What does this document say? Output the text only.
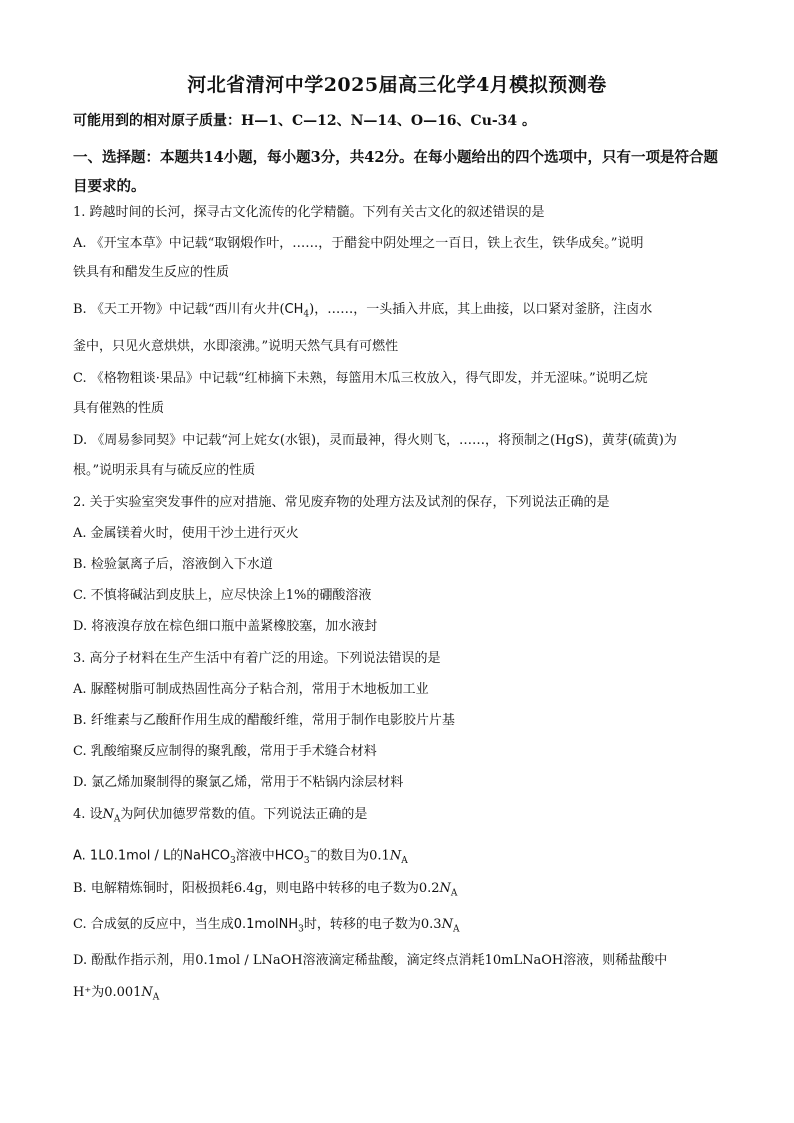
河北省清河中学2025届高三化学4月模拟预测卷
可能用到的相对原子质量：H—1、C—12、N—14、O—16、Cu-34 。
一、选择题：本题共14小题，每小题3分，共42分。在每小题给出的四个选项中，只有一项是符合题目要求的。
1. 跨越时间的长河，探寻古文化流传的化学精髓。下列有关古文化的叙述错误的是
A. 《开宝本草》中记载“取钢煅作叶，……，于醋瓮中阴处埋之一百日，铁上衣生，铁华成矣。”说明
铁具有和醋发生反应的性质
B. 《天工开物》中记载“西川有火井$(CH_4)$，……，一头插入井底，其上曲接，以口紧对釜脐，注卤水
釜中，只见火意烘烘，水即滚沸。”说明天然气具有可燃性
C. 《格物粗谈·果品》中记载“红柿摘下未熟，每篮用木瓜三枚放入，得气即发，并无涩味。”说明乙烷
具有催熟的性质
D. 《周易参同契》中记载“河上姹女(水银)，灵而最神，得火则飞，……，将预制之(HgS)，黄芽(硫黄)为
根。”说明汞具有与硫反应的性质
2. 关于实验室突发事件的应对措施、常见废弃物的处理方法及试剂的保存，下列说法正确的是
A. 金属镁着火时，使用干沙土进行灭火
B. 检验氯离子后，溶液倒入下水道
C. 不慎将碱沾到皮肤上，应尽快涂上1%的硼酸溶液
D. 将液溴存放在棕色细口瓶中盖紧橡胶塞，加水液封
3. 高分子材料在生产生活中有着广泛的用途。下列说法错误的是
A. 脲醛树脂可制成热固性高分子粘合剂，常用于木地板加工业
B. 纤维素与乙酸酐作用生成的醋酸纤维，常用于制作电影胶片片基
C. 乳酸缩聚反应制得的聚乳酸，常用于手术缝合材料
D. 氯乙烯加聚制得的聚氯乙烯，常用于不粘锅内涂层材料
4. 设$N_A$为阿伏加德罗常数的值。下列说法正确的是
A. 1L0.1mol / L的NaHCO$_3$溶液中$HCO_3^-$的数目为$0.1N_A$
B. 电解精炼铜时，阳极损耗6.4g，则电路中转移的电子数为$0.2N_A$
C. 合成氨的反应中，当生成0.1molNH$_3$时，转移的电子数为$0.3N_A$
D. 酚酞作指示剂，用0.1mol / LNaOH溶液滴定稀盐酸，滴定终点消耗10mLNaOH溶液，则稀盐酸中
H⁺为$0.001N_A$
